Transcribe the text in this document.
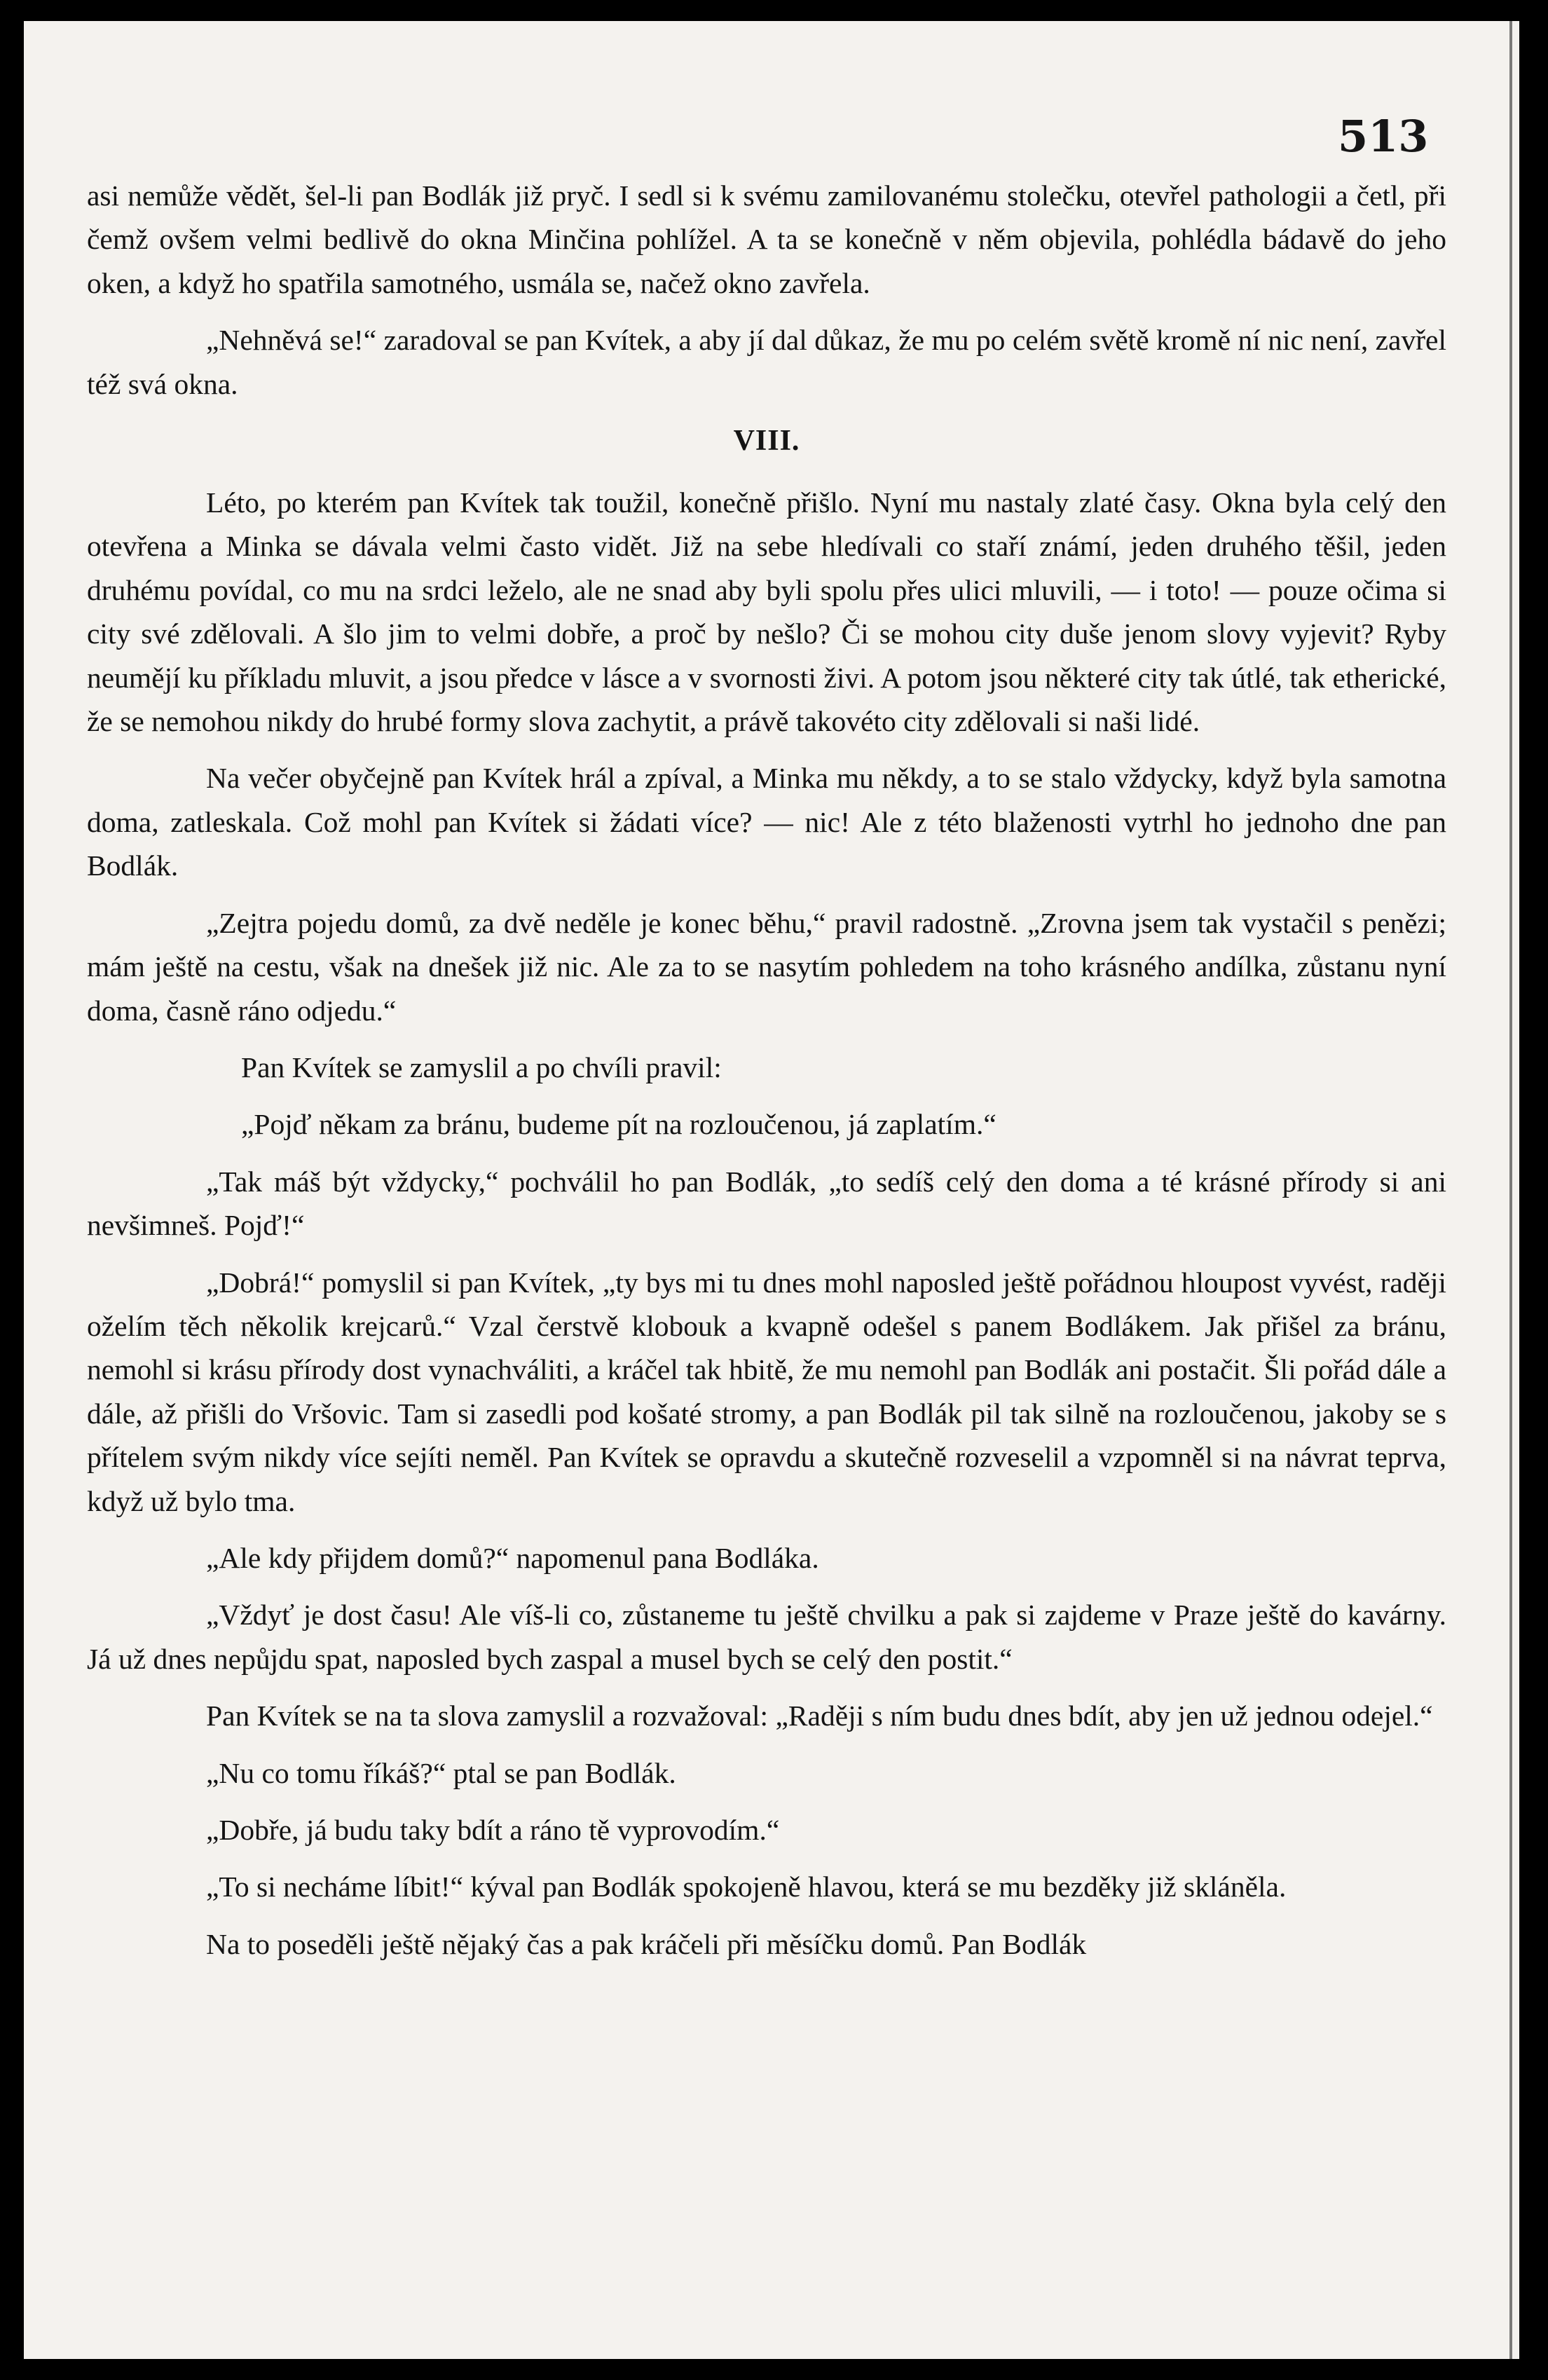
513

asi nemůže vědět, šel-li pan Bodlák již pryč. I sedl si k svému zamilovanému stolečku, otevřel pathologii a četl, při čemž ovšem velmi bedlivě do okna Minčina pohlížel. A ta se konečně v něm objevila, pohlédla bádavě do jeho oken, a když ho spatřila samotného, usmála se, načež okno zavřela.

„Nehněvá se!“ zaradoval se pan Kvítek, a aby jí dal důkaz, že mu po celém světě kromě ní nic není, zavřel též svá okna.

VIII.

Léto, po kterém pan Kvítek tak toužil, konečně přišlo. Nyní mu nastaly zlaté časy. Okna byla celý den otevřena a Minka se dávala velmi často vidět. Již na sebe hledívali co staří známí, jeden druhého těšil, jeden druhému povídal, co mu na srdci leželo, ale ne snad aby byli spolu přes ulici mluvili, — i toto! — pouze očima si city své zdělovali. A šlo jim to velmi dobře, a proč by nešlo? Či se mohou city duše jenom slovy vyjevit? Ryby neumějí ku příkladu mluvit, a jsou předce v lásce a v svornosti živi. A potom jsou některé city tak útlé, tak etherické, že se nemohou nikdy do hrubé formy slova zachytit, a právě takovéto city zdělovali si naši lidé.

Na večer obyčejně pan Kvítek hrál a zpíval, a Minka mu někdy, a to se stalo vždycky, když byla samotna doma, zatleskala. Což mohl pan Kvítek si žádati více? — nic! Ale z této blaženosti vytrhl ho jednoho dne pan Bodlák.

„Zejtra pojedu domů, za dvě neděle je konec běhu,“ pravil radostně. „Zrovna jsem tak vystačil s penězi; mám ještě na cestu, však na dnešek již nic. Ale za to se nasytím pohledem na toho krásného andílka, zůstanu nyní doma, časně ráno odjedu.“

Pan Kvítek se zamyslil a po chvíli pravil:

„Pojď někam za bránu, budeme pít na rozloučenou, já zaplatím.“

„Tak máš být vždycky,“ pochválil ho pan Bodlák, „to sedíš celý den doma a té krásné přírody si ani nevšimneš. Pojď!“

„Dobrá!“ pomyslil si pan Kvítek, „ty bys mi tu dnes mohl naposled ještě pořádnou hloupost vyvést, raději oželím těch několik krejcarů.“ Vzal čerstvě klobouk a kvapně odešel s panem Bodlákem. Jak přišel za bránu, nemohl si krásu přírody dost vynachváliti, a kráčel tak hbitě, že mu nemohl pan Bodlák ani postačit. Šli pořád dále a dále, až přišli do Vršovic. Tam si zasedli pod košaté stromy, a pan Bodlák pil tak silně na rozloučenou, jakoby se s přítelem svým nikdy více sejíti neměl. Pan Kvítek se opravdu a skutečně rozveselil a vzpomněl si na návrat teprva, když už bylo tma.

„Ale kdy přijdem domů?“ napomenul pana Bodláka.

„Vždyť je dost času! Ale víš-li co, zůstaneme tu ještě chvilku a pak si zajdeme v Praze ještě do kavárny. Já už dnes nepůjdu spat, naposled bych zaspal a musel bych se celý den postit.“

Pan Kvítek se na ta slova zamyslil a rozvažoval: „Raději s ním budu dnes bdít, aby jen už jednou odejel.“

„Nu co tomu říkáš?“ ptal se pan Bodlák.

„Dobře, já budu taky bdít a ráno tě vyprovodím.“

„To si necháme líbit!“ kýval pan Bodlák spokojeně hlavou, která se mu bezděky již skláněla.

Na to poseděli ještě nějaký čas a pak kráčeli při měsíčku domů. Pan Bodlák
